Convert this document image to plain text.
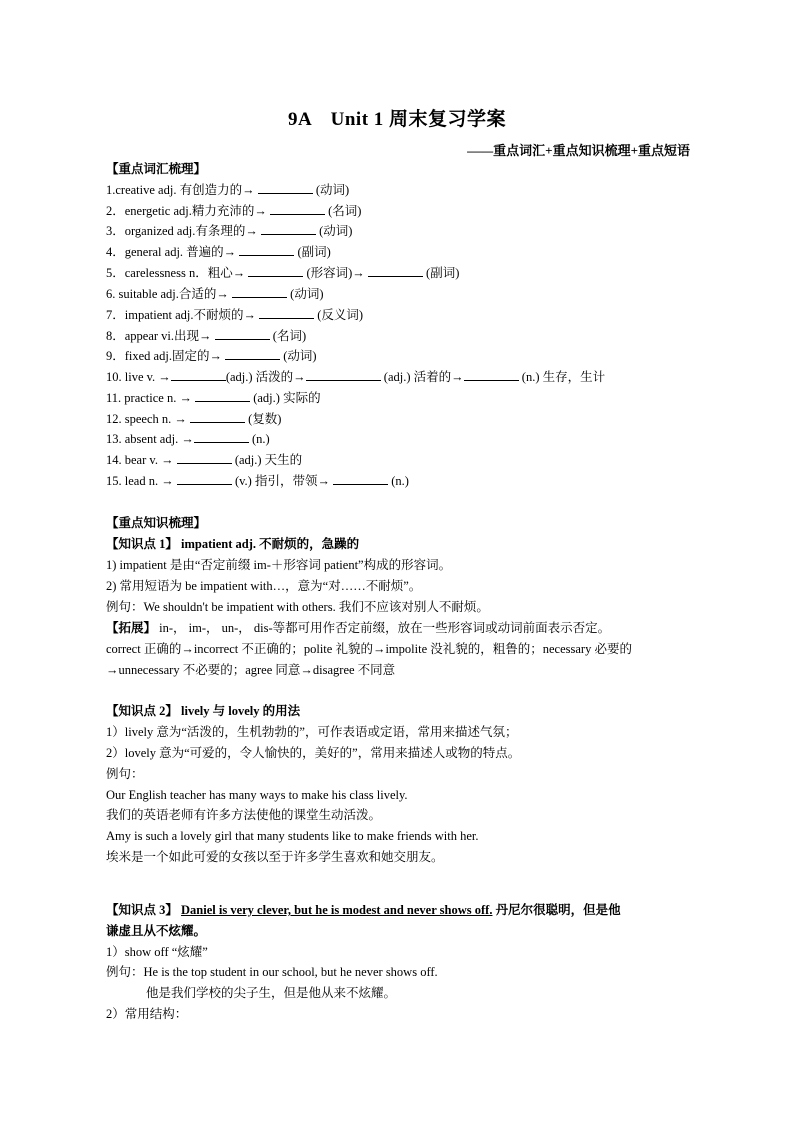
9A　Unit 1 周末复习学案
——重点词汇+重点知识梳理+重点短语
【重点词汇梳理】
1.creative adj. 有创造力的→	(动词)
2．energetic adj.精力充沛的→	(名词)
3．organized adj.有条理的→	(动词)
4．general adj. 普遍的→	(副词)
5．carelessness n．粗心→	(形容词)→	(副词)
6. suitable adj.合适的→	(动词)
7．impatient adj.不耐烦的→	(反义词)
8．appear vi.出现→	(名词)
9．fixed adj.固定的→	(动词)
10. live v. →	(adj.) 活泼的→	(adj.) 活着的→	(n.) 生存，生计
11. practice n. →	(adj.) 实际的
12. speech n. →	(复数)
13. absent adj. →	(n.)
14. bear v. →	(adj.) 天生的
15. lead n. →	(v.) 指引，带领→	(n.)
【重点知识梳理】
【知识点 1】 impatient adj. 不耐烦的，急躁的
1) impatient 是由“否定前缀 im-＋形容词 patient”构成的形容词。
2) 常用短语为 be impatient with…，意为“对……不耐烦”。
例句：We shouldn't be impatient with others. 我们不应该对别人不耐烦。
【拓展】 in-， im-， un-， dis-等都可用作否定前缀，放在一些形容词或动词前面表示否定。
correct 正确的→incorrect 不正确的；polite 礼貌的→impolite 没礼貌的，粗鲁的；necessary 必要的
→unnecessary 不必要的；agree 同意→disagree 不同意
【知识点 2】 lively 与 lovely 的用法
1）lively 意为“活泼的，生机勃勃的”，可作表语或定语，常用来描述气氛；
2）lovely 意为“可爱的，令人愉快的，美好的”，常用来描述人或物的特点。
例句：
Our English teacher has many ways to make his class lively.
我们的英语老师有许多方法使他的课堂生动活泼。
Amy is such a lovely girl that many students like to make friends with her.
埃米是一个如此可爱的女孩以至于许多学生喜欢和她交朋友。
【知识点 3】 Daniel is very clever, but he is modest and never shows off. 丹尼尔很聪明，但是他
谦虚且从不炫耀。
1）show off “炫耀”
例句：He is the top student in our school, but he never shows off.
他是我们学校的尖子生，但是他从来不炫耀。
2）常用结构：
